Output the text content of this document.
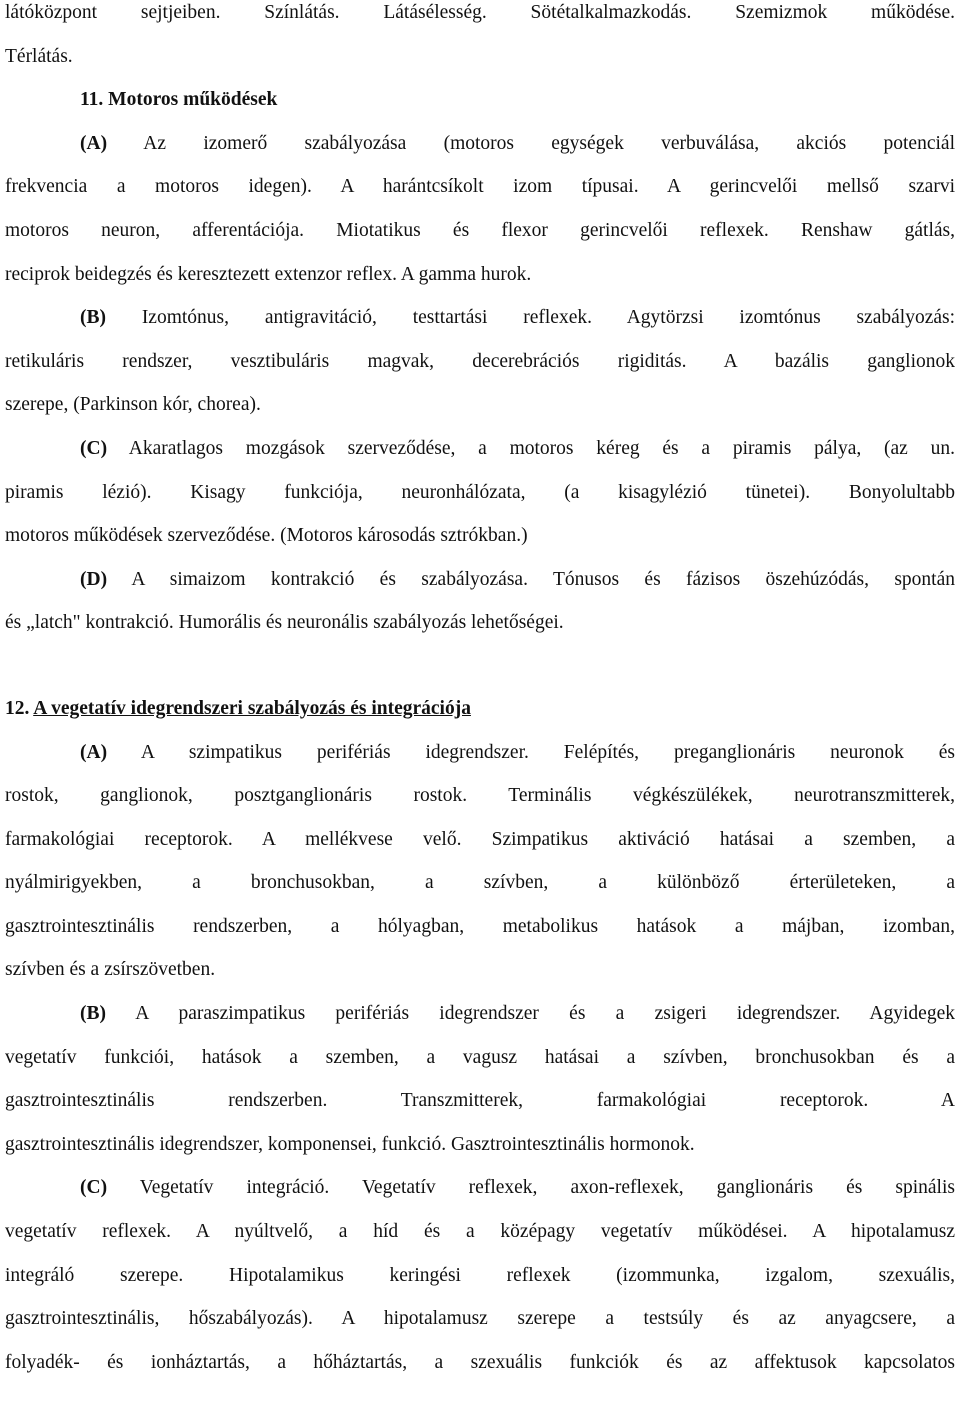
látóközpont sejtjeiben. Színlátás. Látásélesség. Sötétalkalmazkodás. Szemizmok működése.
Térlátás.
11. Motoros működések
(A) Az izomerő szabályozása (motoros egységek verbuválása, akciós potenciál
frekvencia a motoros idegen). A harántcsíkolt izom típusai. A gerincvelői mellső szarvi
motoros neuron, afferentációja. Miotatikus és flexor gerincvelői reflexek. Renshaw gátlás,
reciprok beidegzés és keresztezett extenzor reflex. A gamma hurok.
(B) Izomtónus, antigravitáció, testtartási reflexek. Agytörzsi izomtónus szabályozás:
retikuláris rendszer, vesztibuláris magvak, decerebrációs rigiditás. A bazális ganglionok
szerepe, (Parkinson kór, chorea).
(C) Akaratlagos mozgások szerveződése, a motoros kéreg és a piramis pálya, (az un.
piramis lézió). Kisagy funkciója, neuronhálózata, (a kisagylézió tünetei). Bonyolultabb
motoros működések szerveződése. (Motoros károsodás sztrókban.)
(D) A simaizom kontrakció és szabályozása. Tónusos és fázisos öszehúzódás, spontán
és „latch" kontrakció. Humorális és neuronális szabályozás lehetőségei.
12. A vegetatív idegrendszeri szabályozás és integrációja
(A) A szimpatikus perifériás idegrendszer. Felépítés, preganglionáris neuronok és
rostok, ganglionok, posztganglionáris rostok. Terminális végkészülékek, neurotranszmitterek,
farmakológiai receptorok. A mellékvese velő. Szimpatikus aktiváció hatásai a szemben, a
nyálmirigyekben, a bronchusokban, a szívben, a különböző érterületeken, a
gasztrointesztinális rendszerben, a hólyagban, metabolikus hatások a májban, izomban,
szívben és a zsírszövetben.
(B) A paraszimpatikus perifériás idegrendszer és a zsigeri idegrendszer. Agyidegek
vegetatív funkciói, hatások a szemben, a vagusz hatásai a szívben, bronchusokban és a
gasztrointesztinális rendszerben. Transzmitterek, farmakológiai receptorok. A
gasztrointesztinális idegrendszer, komponensei, funkció. Gasztrointesztinális hormonok.
(C) Vegetatív integráció. Vegetatív reflexek, axon-reflexek, ganglionáris és spinális
vegetatív reflexek. A nyúltvelő, a híd és a középagy vegetatív működései. A hipotalamusz
integráló szerepe. Hipotalamikus keringési reflexek (izommunka, izgalom, szexuális,
gasztrointesztinális, hőszabályozás). A hipotalamusz szerepe a testsúly és az anyagcsere, a
folyadék- és ionháztartás, a hőháztartás, a szexuális funkciók és az affektusok kapcsolatos
